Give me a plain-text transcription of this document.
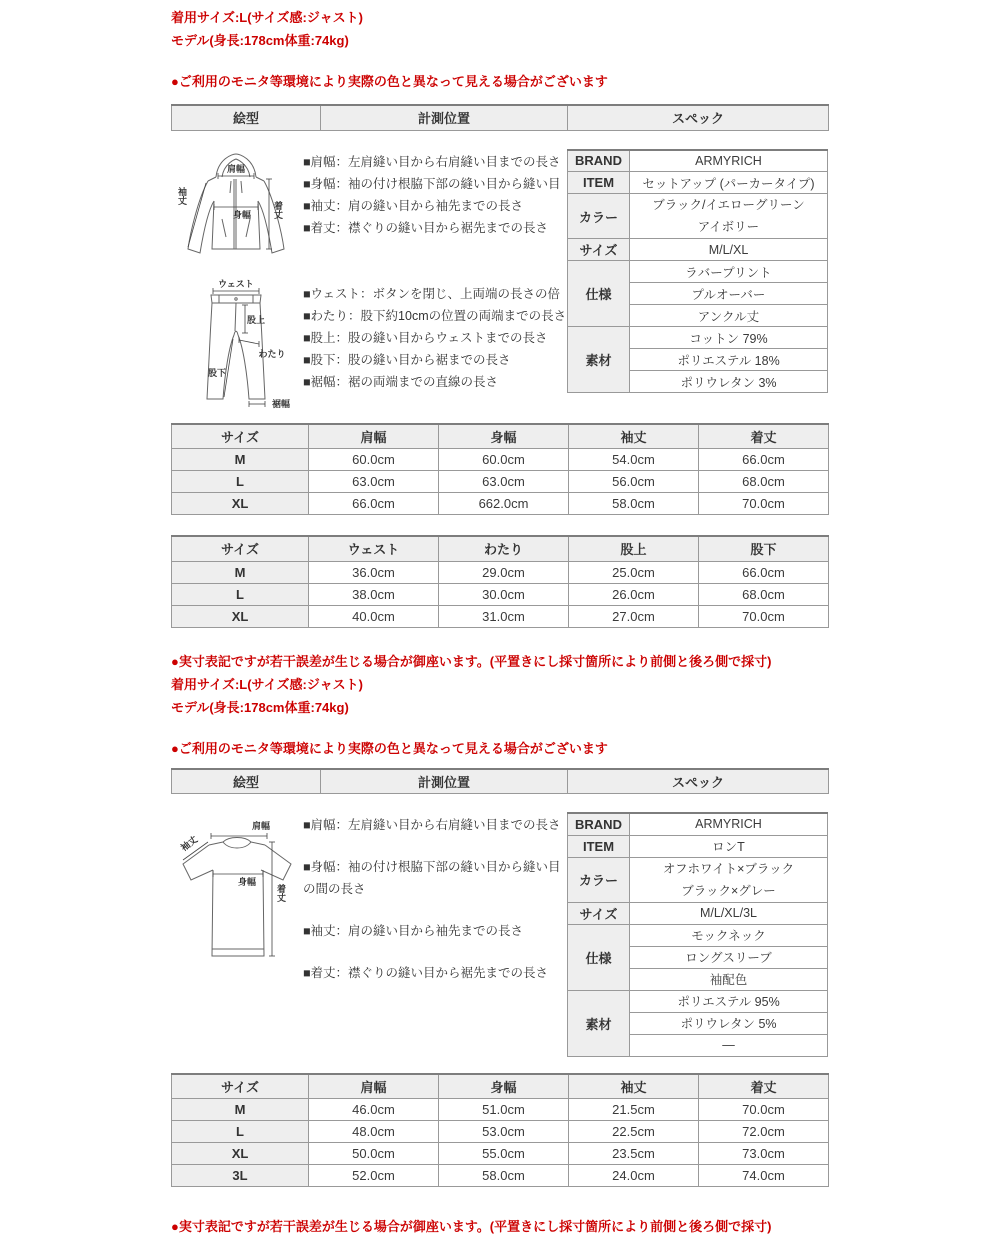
着用サイズ:L(サイズ感:ジャスト)

モデル(身長:178cm体重:74kg)

●ご利用のモニタ等環境により実際の色と異なって見える場合がございます

絵型	計測位置	スペック
肩幅
身幅
袖丈
着丈
ウェスト
股上
わたり
股下
裾幅

■肩幅：左肩縫い目から右肩縫い目までの長さ

■身幅：袖の付け根脇下部の縫い目から縫い目

■袖丈：肩の縫い目から袖先までの長さ

■着丈：襟ぐりの縫い目から裾先までの長さ

■ウェスト：ボタンを閉じ、上両端の長さの倍

■わたり：股下約10cmの位置の両端までの長さ

■股上：股の縫い目からウェストまでの長さ

■股下：股の縫い目から裾までの長さ

■裾幅：裾の両端までの直線の長さ

BRAND	ARMYRICH
ITEM	セットアップ (パーカータイプ)
カラー	ブラック/イエローグリーン
アイボリー

サイズ	M/L/XL
仕様	ラバープリント
	プルオーバー
	アンクル丈
素材	コットン 79%
	ポリエステル 18%
	ポリウレタン 3%
サイズ	肩幅	身幅	袖丈	着丈
M	60.0cm	60.0cm	54.0cm	66.0cm
L	63.0cm	63.0cm	56.0cm	68.0cm
XL	66.0cm	662.0cm	58.0cm	70.0cm
サイズ	ウェスト	わたり	股上	股下
M	36.0cm	29.0cm	25.0cm	66.0cm
L	38.0cm	30.0cm	26.0cm	68.0cm
XL	40.0cm	31.0cm	27.0cm	70.0cm

●実寸表記ですが若干誤差が生じる場合が御座います。(平置きにし採寸箇所により前側と後ろ側で採寸)

着用サイズ:L(サイズ感:ジャスト)

モデル(身長:178cm体重:74kg)

●ご利用のモニタ等環境により実際の色と異なって見える場合がございます

絵型	計測位置	スペック
肩幅
袖丈
身幅
着丈

■肩幅：左肩縫い目から右肩縫い目までの長さ

■身幅：袖の付け根脇下部の縫い目から縫い目の間の長さ

■袖丈：肩の縫い目から袖先までの長さ

■着丈：襟ぐりの縫い目から裾先までの長さ

BRAND	ARMYRICH
ITEM	ロンT
カラー	オフホワイト×ブラック
ブラック×グレー

サイズ	M/L/XL/3L
仕様	モックネック
	ロングスリーブ
	袖配色
素材	ポリエステル 95%
	ポリウレタン 5%
	—
サイズ	肩幅	身幅	袖丈	着丈
M	46.0cm	51.0cm	21.5cm	70.0cm
L	48.0cm	53.0cm	22.5cm	72.0cm
XL	50.0cm	55.0cm	23.5cm	73.0cm
3L	52.0cm	58.0cm	24.0cm	74.0cm

●実寸表記ですが若干誤差が生じる場合が御座います。(平置きにし採寸箇所により前側と後ろ側で採寸)
